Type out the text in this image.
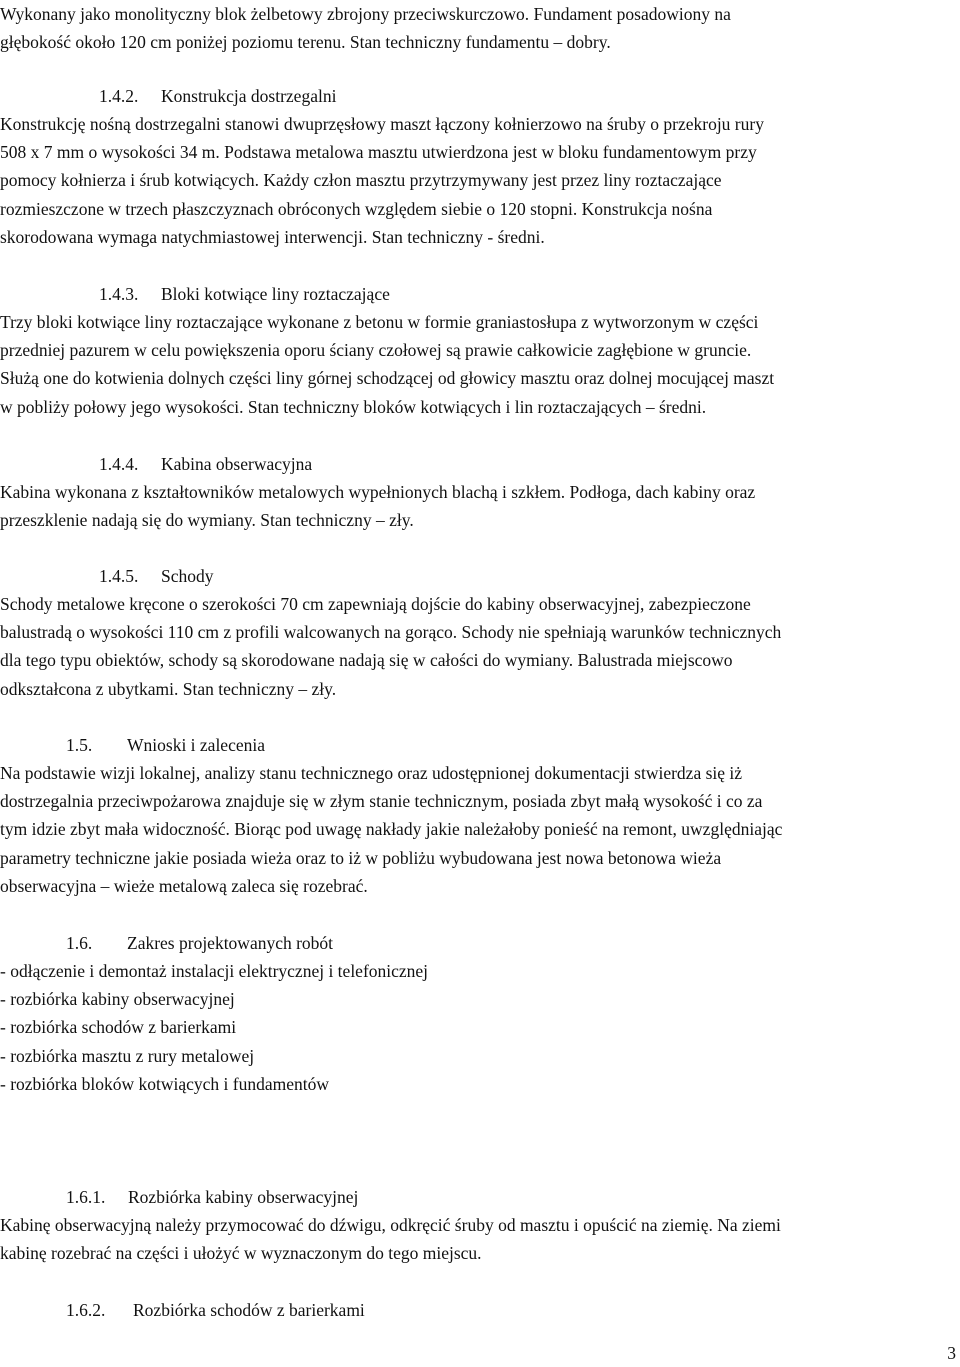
Wykonany jako monolityczny blok żelbetowy zbrojony przeciwskurczowo. Fundament posadowiony na
głębokość około 120 cm poniżej poziomu terenu. Stan techniczny fundamentu – dobry.
1.4.2. Konstrukcja dostrzegalni
Konstrukcję nośną dostrzegalni stanowi dwuprzęsłowy maszt łączony kołnierzowo na śruby o przekroju rury
508 x 7 mm o wysokości 34 m. Podstawa metalowa masztu utwierdzona jest w bloku fundamentowym przy
pomocy kołnierza i śrub kotwiących. Każdy człon masztu przytrzymywany jest przez liny roztaczające
rozmieszczone w trzech płaszczyznach obróconych względem siebie o 120 stopni. Konstrukcja nośna
skorodowana wymaga natychmiastowej interwencji. Stan techniczny - średni.
1.4.3. Bloki kotwiące liny roztaczające
Trzy bloki kotwiące liny roztaczające wykonane z betonu w formie graniastosłupa z wytworzonym w części
przedniej pazurem w celu powiększenia oporu ściany czołowej są prawie całkowicie zagłębione w gruncie.
Służą one do kotwienia dolnych części liny górnej schodzącej od głowicy masztu oraz dolnej mocującej maszt
w pobliży połowy jego wysokości. Stan techniczny bloków kotwiących i lin roztaczających – średni.
1.4.4. Kabina obserwacyjna
Kabina wykonana z kształtowników metalowych wypełnionych blachą i szkłem. Podłoga, dach kabiny oraz
przeszklenie nadają się do wymiany. Stan techniczny – zły.
1.4.5. Schody
Schody metalowe kręcone o szerokości 70 cm zapewniają dojście do kabiny obserwacyjnej, zabezpieczone
balustradą o wysokości 110 cm z profili walcowanych na gorąco. Schody nie spełniają warunków technicznych
dla tego typu obiektów, schody są skorodowane nadają się w całości do wymiany. Balustrada miejscowo
odkształcona z ubytkami. Stan techniczny – zły.
1.5. Wnioski i zalecenia
Na podstawie wizji lokalnej, analizy stanu technicznego oraz udostępnionej dokumentacji stwierdza się iż
dostrzegalnia przeciwpożarowa znajduje się w złym stanie technicznym, posiada zbyt małą wysokość i co za
tym idzie zbyt mała widoczność. Biorąc pod uwagę nakłady jakie należałoby ponieść na remont, uwzględniając
parametry techniczne jakie posiada wieża oraz to iż w pobliżu wybudowana jest nowa betonowa wieża
obserwacyjna – wieże metalową zaleca się rozebrać.
1.6. Zakres projektowanych robót
- odłączenie i demontaż instalacji elektrycznej i telefonicznej
- rozbiórka kabiny obserwacyjnej
- rozbiórka schodów z barierkami
- rozbiórka masztu z rury metalowej
- rozbiórka bloków kotwiących i fundamentów
1.6.1. Rozbiórka kabiny obserwacyjnej
Kabinę obserwacyjną należy przymocować do dźwigu, odkręcić śruby od masztu i opuścić na ziemię. Na ziemi
kabinę rozebrać na części i ułożyć w wyznaczonym do tego miejscu.
1.6.2. Rozbiórka schodów z barierkami
3
